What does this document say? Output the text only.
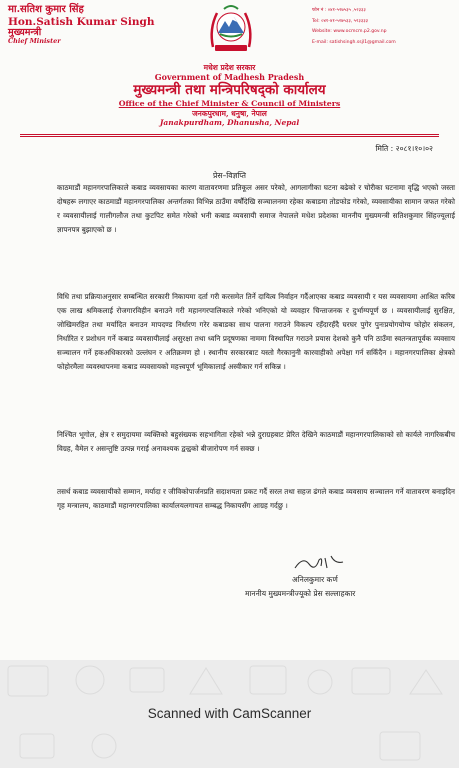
मा.सतिश कुमार सिंह
Hon.Satish Kumar Singh
मुख्यमन्त्री
Chief Minister
फोन नं : ०४१-५२७५३५ ,५२३३३
Tel: ०४१-४१-५२७५३३, ५२३३३३
Website: www.ocmcm.p2.gov.np
E-mail: satishsingh.ssjl1@gmail.com
मधेश प्रदेश सरकार
Government of Madhesh Pradesh
मुख्यमन्त्री तथा मन्त्रिपरिषद्को कार्यालय
Office of the Chief Minister & Council of Ministers
जनकपुरधाम, धनुषा, नेपाल
Janakpurdham, Dhanusha, Nepal
मिति : २०८१।१०।०२
प्रेस–विज्ञप्ति

काठमाडौं महानगरपालिकाले कबाड व्यवसायका कारण वातावरणमा प्रतिकूल असर परेको, आगलागीका घटना बढेको र चोरीका घटनामा वृद्धि भएको जस्ता दोषहरू लगाएर काठमाडौं महानगरपालिका अन्तर्गतका विभिन्न ठाउँमा वर्षौंदेखि सञ्चालनमा रहेका कबाडमा तोडफोड गरेको, व्यवसायीका सामान जफत गरेको र व्यवसायीलाई गालीगलौज तथा कुटपिट समेत गरेको भनी कबाड व्यवसायी समाज नेपालले मधेश प्रदेशका माननीय मुख्यमन्त्री सतिशकुमार सिंहज्यूलाई ज्ञापनपत्र बुझाएको छ ।

विधि तथा प्रक्रियाअनुसार सम्बन्धित सरकारी निकायमा दर्ता गरी करसमेत तिर्ने दायित्व निर्वाहन गर्दैआएका कबाड व्यवसायी र यस व्यवसायमा आश्रित करिब एक लाख श्रमिकलाई रोजगारविहीन बनाउने गरी महानगरपालिकाले गरेको भनिएको यो व्यवहार चिन्ताजनक र दुर्भाग्यपूर्ण छ । व्यवसायीलाई सुरक्षित, जोखिमरहित तथा मर्यादित बनाउन मापदण्ड निर्धारण गरेर कबाडका साथ पालना गराउने विकल्प रहँदारहँदै घरघर पुगेर पुनःप्रयोगयोग्य फोहोर संकलन, निर्धारित र प्रशोधन गर्ने कबाड व्यवसायीलाई असुरक्षा तथा ध्वनि प्रदूषणका नाममा विस्थापित गराउने प्रयास देशको कुनै पनि ठाउँमा स्वतन्त्रतापूर्वक व्यवसाय सञ्चालन गर्ने हकअधिकारको उल्लंघन र अतिक्रमण हो । स्थानीय सरकारबाट यस्तो गैरकानुनी कारवाहीको अपेक्षा गर्न सकिँदैन । महानगरपालिका क्षेत्रको फोहोरमैला व्यवस्थापनमा कबाड व्यवसायको महत्त्वपूर्ण भूमिकालाई अस्वीकार गर्न सकिन्न ।

निश्चित भूगोल, क्षेत्र र समुदायमा व्यक्तिको बहुसंख्यक सहभागिता रहेको भन्ने दुराग्रहबाट प्रेरित देखिने काठमाडौं महानगरपालिकाको सो कार्यले नागरिकबीच विग्रह, वैमेल र असन्तुष्टि उत्पन्न गराई अनावश्यक द्वन्द्वको बीजारोपण गर्न सक्छ ।

तसर्थ कबाड व्यवसायीको सम्मान, मर्यादा र जीविकोपार्जनप्रति सदाशयता प्रकट गर्दै सरल तथा सहज ढंगले कबाड व्यवसाय सञ्चालन गर्ने वातावरण बनाइदिन गृह मन्त्रालय, काठमाडौं महानगरपालिका कार्यालयलगायत सम्बद्ध निकायसँग आग्रह गर्दछु ।

अनिलकुमार कर्ण
माननीय मुख्यमन्त्रीज्यूको प्रेस सल्लाहकार
Scanned with CamScanner
